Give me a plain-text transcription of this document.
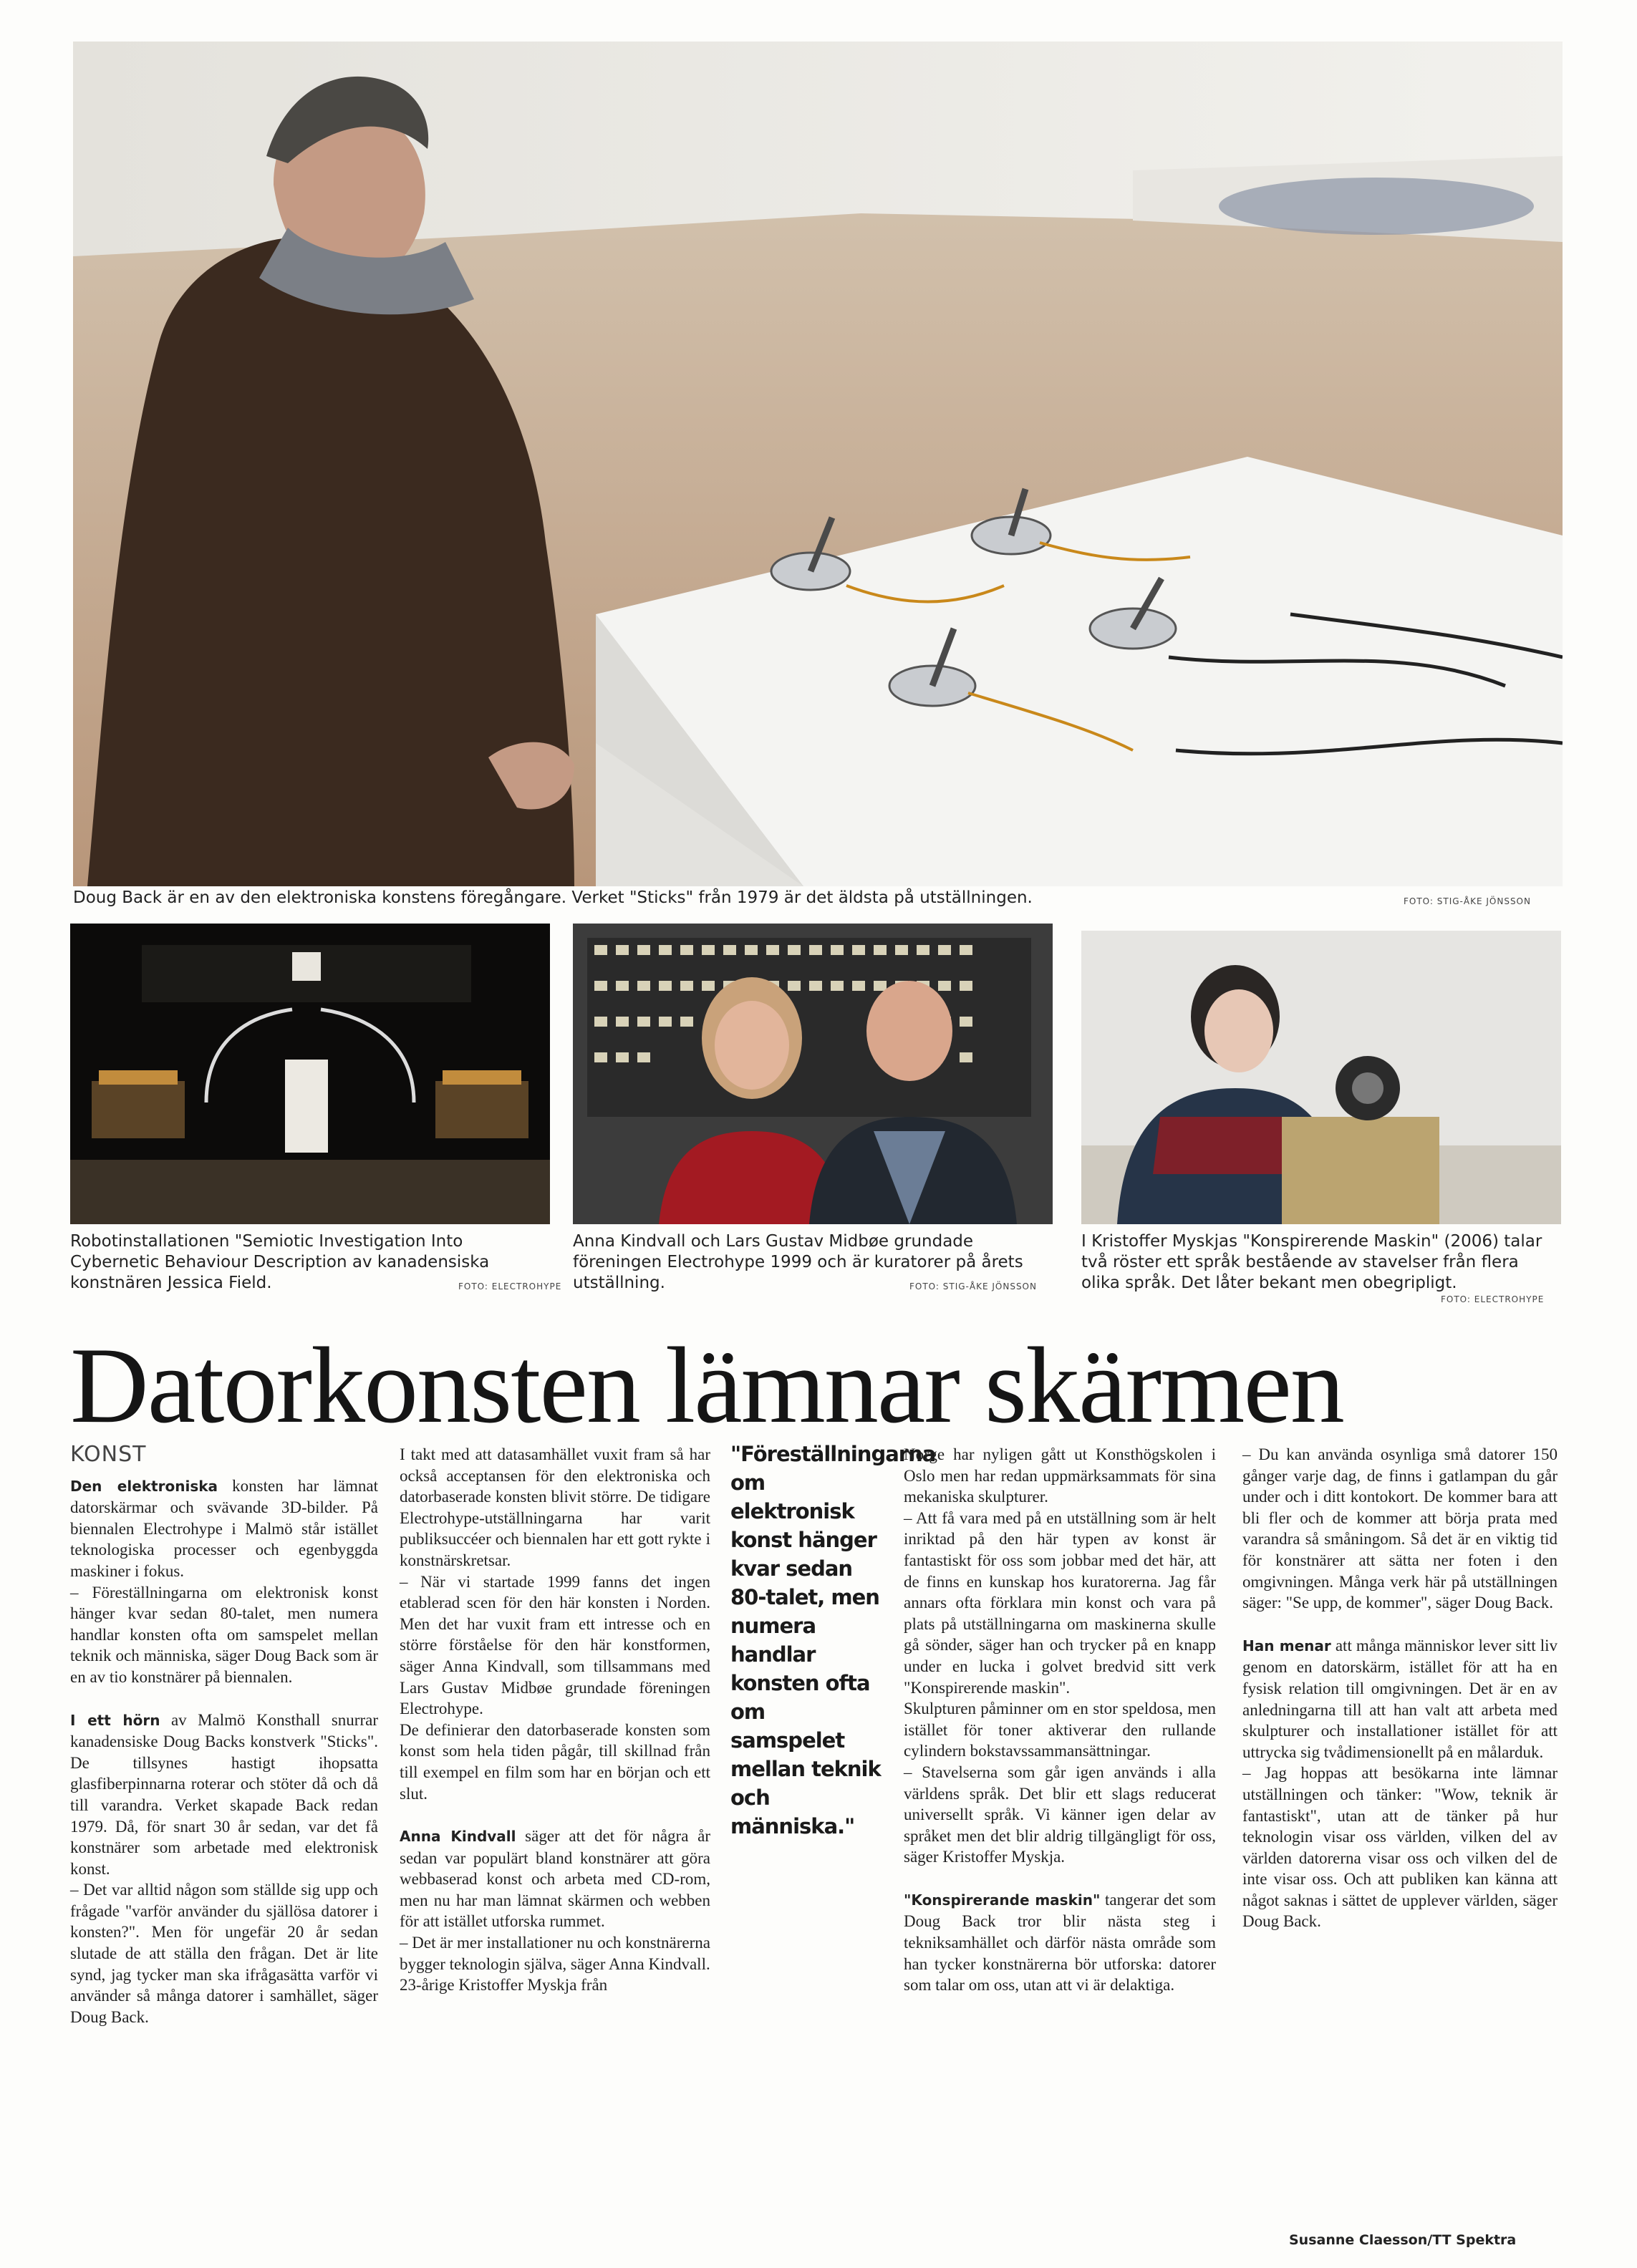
Doug Back är en av den elektroniska konstens föregångare. Verket "Sticks" från 1979 är det äldsta på utställningen.	FOTO: STIG-ÅKE JÖNSSON
Robotinstallationen "Semiotic Investigation Into Cybernetic Behaviour Description av kanadensiska konstnären Jessica Field.	FOTO: ELECTROHYPE
Anna Kindvall och Lars Gustav Midbøe grundade föreningen Electrohype 1999 och är kuratorer på årets utställning.	FOTO: STIG-ÅKE JÖNSSON
I Kristoffer Myskjas "Konspirerende Maskin" (2006) talar två röster ett språk bestående av stavelser från flera olika språk. Det låter bekant men obegripligt.
FOTO: ELECTROHYPE
Datorkonsten lämnar skärmen
KONST

Den elektroniska konsten har lämnat datorskärmar och svävande 3D-bilder. På biennalen Electrohype i Malmö står istället teknologiska processer och egenbyggda maskiner i fokus.

– Föreställningarna om elektronisk konst hänger kvar sedan 80-talet, men numera handlar konsten ofta om samspelet mellan teknik och människa, säger Doug Back som är en av tio konstnärer på biennalen.

I ett hörn av Malmö Konsthall snurrar kanadensiske Doug Backs konstverk "Sticks". De tillsynes hastigt ihopsatta glasfiberpinnarna roterar och stöter då och då till varandra. Verket skapade Back redan 1979. Då, för snart 30 år sedan, var det få konstnärer som arbetade med elektronisk konst.

– Det var alltid någon som ställde sig upp och frågade "varför använder du själlösa datorer i konsten?". Men för ungefär 20 år sedan slutade de att ställa den frågan. Det är lite synd, jag tycker man ska ifrågasätta varför vi använder så många datorer i samhället, säger Doug Back.

I takt med att datasamhället vuxit fram så har också acceptansen för den elektroniska och datorbaserade konsten blivit större. De tidigare Electrohype-utställningarna har varit publiksuccéer och biennalen har ett gott rykte i konstnärskretsar.

– När vi startade 1999 fanns det ingen etablerad scen för den här konsten i Norden. Men det har vuxit fram ett intresse och en större förståelse för den här konstformen, säger Anna Kindvall, som tillsammans med Lars Gustav Midbøe grundade föreningen Electrohype.

De definierar den datorbaserade konsten som konst som hela tiden pågår, till skillnad från till exempel en film som har en början och ett slut.

Anna Kindvall säger att det för några år sedan var populärt bland konstnärer att göra webbaserad konst och arbeta med CD-rom, men nu har man lämnat skärmen och webben för att istället utforska rummet.

– Det är mer installationer nu och konstnärerna bygger teknologin själva, säger Anna Kindvall.

23-årige Kristoffer Myskja från

"Föreställningarna om elektronisk konst hänger kvar sedan 80-talet, men numera handlar konsten ofta om samspelet mellan teknik och människa."

Norge har nyligen gått ut Konsthögskolen i Oslo men har redan uppmärksammats för sina mekaniska skulpturer.

– Att få vara med på en utställning som är helt inriktad på den här typen av konst är fantastiskt för oss som jobbar med det här, att de finns en kunskap hos kuratorerna. Jag får annars ofta förklara min konst och vara på plats på utställningarna om maskinerna skulle gå sönder, säger han och trycker på en knapp under en lucka i golvet bredvid sitt verk "Konspirerende maskin".

Skulpturen påminner om en stor speldosa, men istället för toner aktiverar den rullande cylindern bokstavssammansättningar.

– Stavelserna som går igen används i alla världens språk. Det blir ett slags reducerat universellt språk. Vi känner igen delar av språket men det blir aldrig tillgängligt för oss, säger Kristoffer Myskja.

"Konspirerande maskin" tangerar det som Doug Back tror blir nästa steg i tekniksamhället och därför nästa område som han tycker konstnärerna bör utforska: datorer som talar om oss, utan att vi är delaktiga.

– Du kan använda osynliga små datorer 150 gånger varje dag, de finns i gatlampan du går under och i ditt kontokort. De kommer bara att bli fler och de kommer att börja prata med varandra så småningom. Så det är en viktig tid för konstnärer att sätta ner foten i den omgivningen. Många verk här på utställningen säger: "Se upp, de kommer", säger Doug Back.

Han menar att många människor lever sitt liv genom en datorskärm, istället för att ha en fysisk relation till omgivningen. Det är en av anledningarna till att han valt att arbeta med skulpturer och installationer istället för att uttrycka sig tvådimensionellt på en målarduk.

– Jag hoppas att besökarna inte lämnar utställningen och tänker: "Wow, teknik är fantastiskt", utan att de tänker på hur teknologin visar oss världen, vilken del av världen datorerna visar oss och vilken del de inte visar oss. Och att publiken kan känna att något saknas i sättet de upplever världen, säger Doug Back.

Susanne Claesson/TT Spektra
